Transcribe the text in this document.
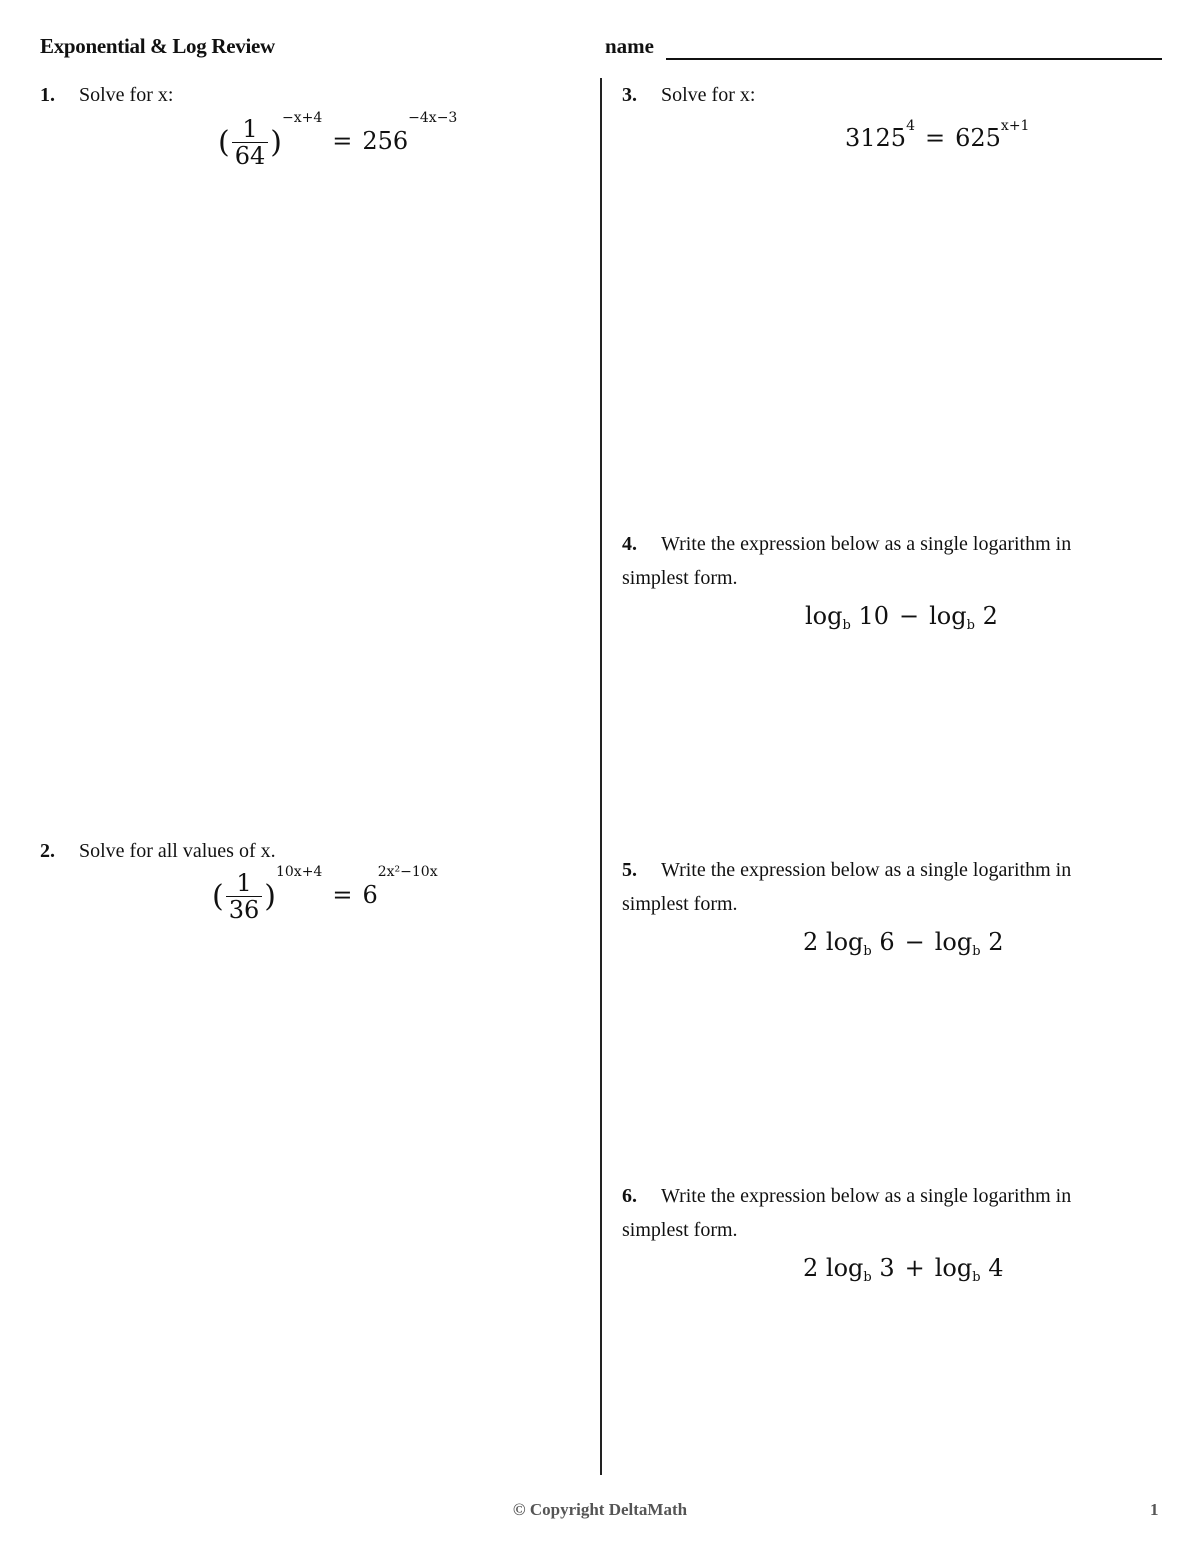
Exponential & Log Review	name
1. Solve for x:
( $\frac{1}{64} )^{-x+4}= 256^{-4x-3}$
2. Solve for all values of x.
( $\frac{1}{36} )^{10x+4}= 6^{2x^2-10x}$
3. Solve for x:
$3125^4 = 625^{x+1}$
4. Write the expression below as a single logarithm in simplest form.
$\log_b 10 - \log_b 2$
5. Write the expression below as a single logarithm in simplest form.
2 $\log_b 6 - \log_b 2$
6. Write the expression below as a single logarithm in simplest form.
2 $\log_b 3 + \log_b 4$
© Copyright DeltaMath	1
